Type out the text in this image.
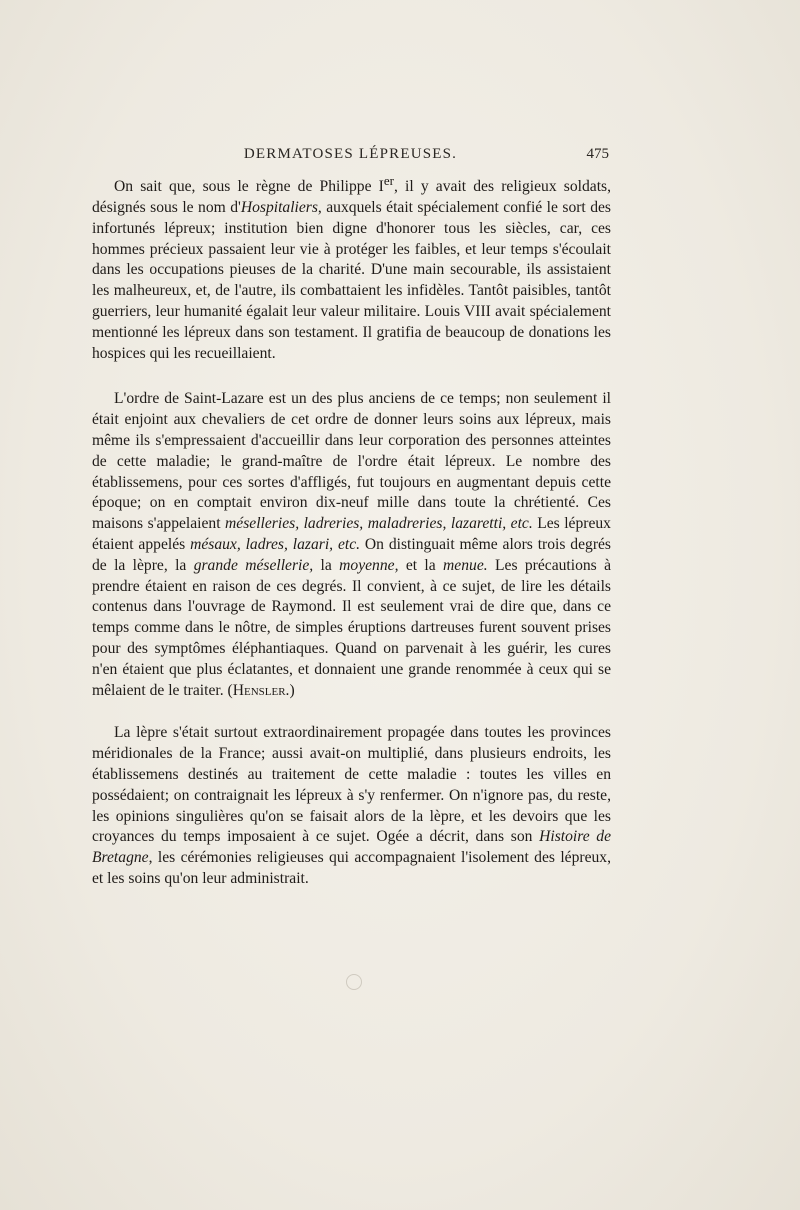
DERMATOSES LÉPREUSES.	475

On sait que, sous le règne de Philippe Ier, il y avait des religieux soldats, désignés sous le nom d'Hospitaliers, auxquels était spécialement confié le sort des infortunés lépreux; institution bien digne d'honorer tous les siècles, car, ces hommes précieux passaient leur vie à protéger les faibles, et leur temps s'écoulait dans les occupations pieuses de la charité. D'une main secourable, ils assistaient les malheureux, et, de l'autre, ils combattaient les infidèles. Tantôt paisibles, tantôt guerriers, leur humanité égalait leur valeur militaire. Louis VIII avait spécialement mentionné les lépreux dans son testament. Il gratifia de beaucoup de donations les hospices qui les recueillaient.

L'ordre de Saint-Lazare est un des plus anciens de ce temps; non seulement il était enjoint aux chevaliers de cet ordre de donner leurs soins aux lépreux, mais même ils s'empressaient d'accueillir dans leur corporation des personnes atteintes de cette maladie; le grand-maître de l'ordre était lépreux. Le nombre des établissemens, pour ces sortes d'affligés, fut toujours en augmentant depuis cette époque; on en comptait environ dix-neuf mille dans toute la chrétienté. Ces maisons s'appelaient méselleries, ladreries, maladreries, lazaretti, etc. Les lépreux étaient appelés mésaux, ladres, lazari, etc. On distinguait même alors trois degrés de la lèpre, la grande mésellerie, la moyenne, et la menue. Les précautions à prendre étaient en raison de ces degrés. Il convient, à ce sujet, de lire les détails contenus dans l'ouvrage de Raymond. Il est seulement vrai de dire que, dans ce temps comme dans le nôtre, de simples éruptions dartreuses furent souvent prises pour des symptômes éléphantiaques. Quand on parvenait à les guérir, les cures n'en étaient que plus éclatantes, et donnaient une grande renommée à ceux qui se mêlaient de le traiter. (Hensler.)

La lèpre s'était surtout extraordinairement propagée dans toutes les provinces méridionales de la France; aussi avait-on multiplié, dans plusieurs endroits, les établissemens destinés au traitement de cette maladie : toutes les villes en possédaient; on contraignait les lépreux à s'y renfermer. On n'ignore pas, du reste, les opinions singulières qu'on se faisait alors de la lèpre, et les devoirs que les croyances du temps imposaient à ce sujet. Ogée a décrit, dans son Histoire de Bretagne, les cérémonies religieuses qui accompagnaient l'isolement des lépreux, et les soins qu'on leur administrait.
